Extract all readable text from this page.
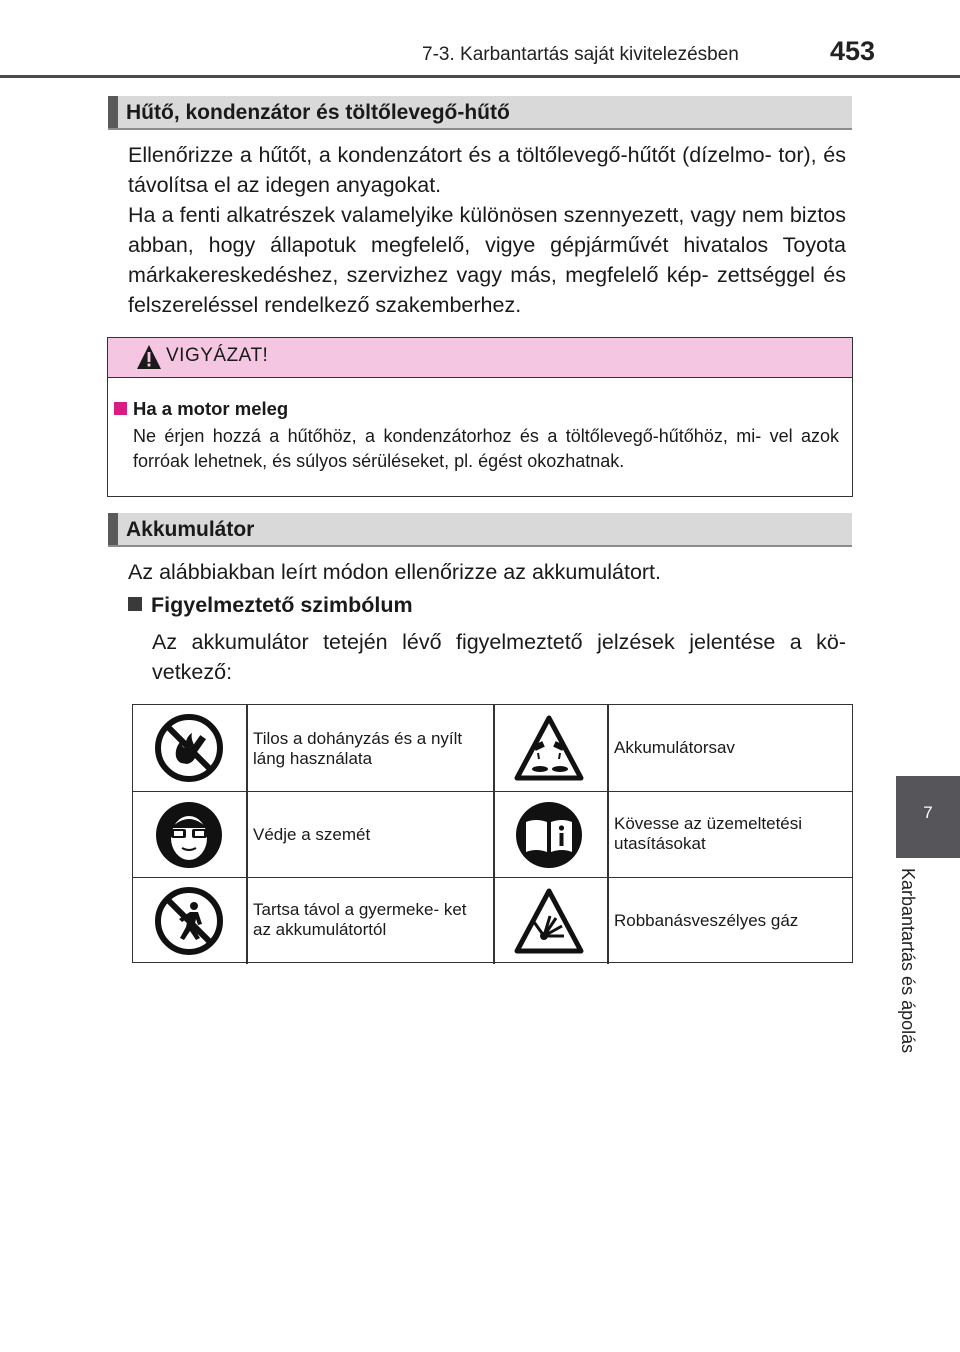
7-3. Karbantartás saját kivitelezésben	453
Hűtő, kondenzátor és töltőlevegő-hűtő

Ellenőrizze a hűtőt, a kondenzátort és a töltőlevegő-hűtőt (dízelmo- tor), és távolítsa el az idegen anyagokat.

Ha a fenti alkatrészek valamelyike különösen szennyezett, vagy nem biztos abban, hogy állapotuk megfelelő, vigye gépjárművét hivatalos Toyota márkakereskedéshez, szervizhez vagy más, megfelelő kép- zettséggel és felszereléssel rendelkező szakemberhez.

VIGYÁZAT!
Ha a motor meleg
Ne érjen hozzá a hűtőhöz, a kondenzátorhoz és a töltőlevegő-hűtőhöz, mi- vel azok forróak lehetnek, és súlyos sérüléseket, pl. égést okozhatnak.
Akkumulátor
Az alábbiakban leírt módon ellenőrizze az akkumulátort.
Figyelmeztető szimbólum
Az akkumulátor tetején lévő figyelmeztető jelzések jelentése a kö- vetkező:
Tilos a dohányzás és a nyílt láng használata
Akkumulátorsav
Védje a szemét
Kövesse az üzemeltetési utasításokat
Tartsa távol a gyermeke- ket az akkumulátortól	Robbanásveszélyes gáz
7
Karbantartás és ápolás
